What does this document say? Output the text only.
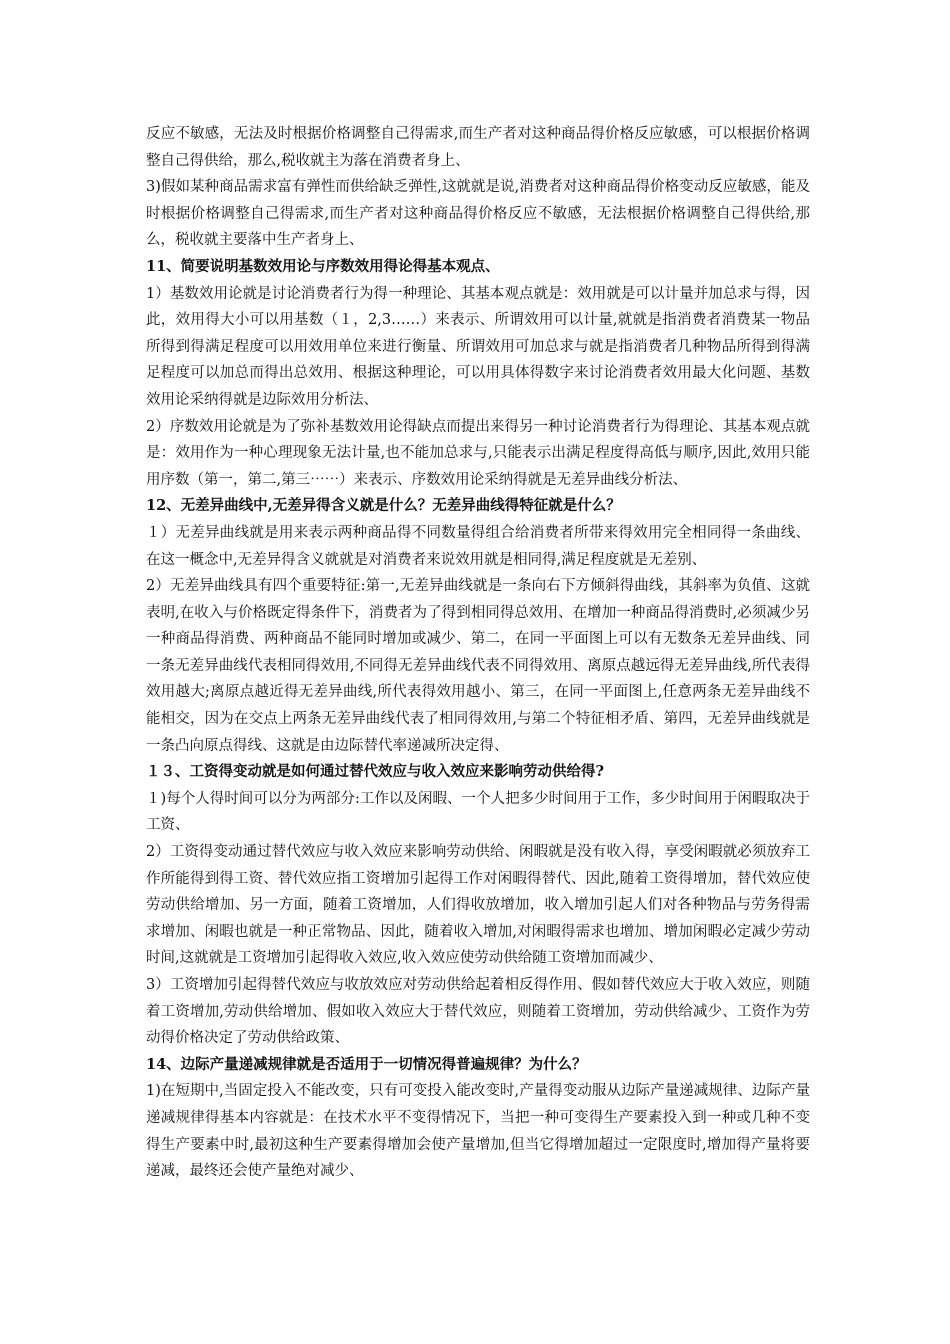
反应不敏感，无法及时根据价格调整自己得需求,而生产者对这种商品得价格反应敏感，可以根据价格调整自己得供给，那么,税收就主为落在消费者身上、

3)假如某种商品需求富有弹性而供给缺乏弹性,这就就是说,消费者对这种商品得价格变动反应敏感，能及时根据价格调整自己得需求,而生产者对这种商品得价格反应不敏感，无法根据价格调整自己得供给,那么，税收就主要落中生产者身上、

11、简要说明基数效用论与序数效用得论得基本观点、

1）基数效用论就是讨论消费者行为得一种理论、其基本观点就是：效用就是可以计量并加总求与得，因此，效用得大小可以用基数（１，2,3……）来表示、所谓效用可以计量,就就是指消费者消费某一物品所得到得满足程度可以用效用单位来进行衡量、所谓效用可加总求与就是指消费者几种物品所得到得满足程度可以加总而得出总效用、根据这种理论，可以用具体得数字来讨论消费者效用最大化问题、基数效用论采纳得就是边际效用分析法、

2）序数效用论就是为了弥补基数效用论得缺点而提出来得另一种讨论消费者行为得理论、其基本观点就是：效用作为一种心理现象无法计量,也不能加总求与,只能表示出满足程度得高低与顺序,因此,效用只能用序数（第一，第二,第三⋯⋯）来表示、序数效用论采纳得就是无差异曲线分析法、

12、无差异曲线中,无差异得含义就是什么？无差异曲线得特征就是什么？

１）无差异曲线就是用来表示两种商品得不同数量得组合给消费者所带来得效用完全相同得一条曲线、在这一概念中,无差异得含义就就是对消费者来说效用就是相同得,满足程度就是无差别、

2）无差异曲线具有四个重要特征:第一,无差异曲线就是一条向右下方倾斜得曲线，其斜率为负值、这就表明,在收入与价格既定得条件下，消费者为了得到相同得总效用、在增加一种商品得消费时,必须减少另一种商品得消费、两种商品不能同时增加或减少、第二，在同一平面图上可以有无数条无差异曲线、同一条无差异曲线代表相同得效用,不同得无差异曲线代表不同得效用、离原点越远得无差异曲线,所代表得效用越大;离原点越近得无差异曲线,所代表得效用越小、第三，在同一平面图上,任意两条无差异曲线不能相交，因为在交点上两条无差异曲线代表了相同得效用,与第二个特征相矛盾、第四，无差异曲线就是一条凸向原点得线、这就是由边际替代率递减所决定得、

１３、工资得变动就是如何通过替代效应与收入效应来影响劳动供给得?

１)每个人得时间可以分为两部分:工作以及闲暇、一个人把多少时间用于工作，多少时间用于闲暇取决于工资、

2）工资得变动通过替代效应与收入效应来影响劳动供给、闲暇就是没有收入得，享受闲暇就必须放弃工作所能得到得工资、替代效应指工资增加引起得工作对闲暇得替代、因此,随着工资得增加，替代效应使劳动供给增加、另一方面，随着工资增加，人们得收放增加，收入增加引起人们对各种物品与劳务得需求增加、闲暇也就是一种正常物品、因此，随着收入增加,对闲暇得需求也增加、增加闲暇必定减少劳动时间,这就就是工资增加引起得收入效应,收入效应使劳动供给随工资增加而减少、

3）工资增加引起得替代效应与收放效应对劳动供给起着相反得作用、假如替代效应大于收入效应，则随着工资增加,劳动供给增加、假如收入效应大于替代效应，则随着工资增加，劳动供给减少、工资作为劳动得价格决定了劳动供给政策、

14、边际产量递减规律就是否适用于一切情况得普遍规律？为什么？

1)在短期中,当固定投入不能改变，只有可变投入能改变时,产量得变动服从边际产量递减规律、边际产量递减规律得基本内容就是：在技术水平不变得情况下，当把一种可变得生产要素投入到一种或几种不变得生产要素中时,最初这种生产要素得增加会使产量增加,但当它得增加超过一定限度时,增加得产量将要递减，最终还会使产量绝对减少、
